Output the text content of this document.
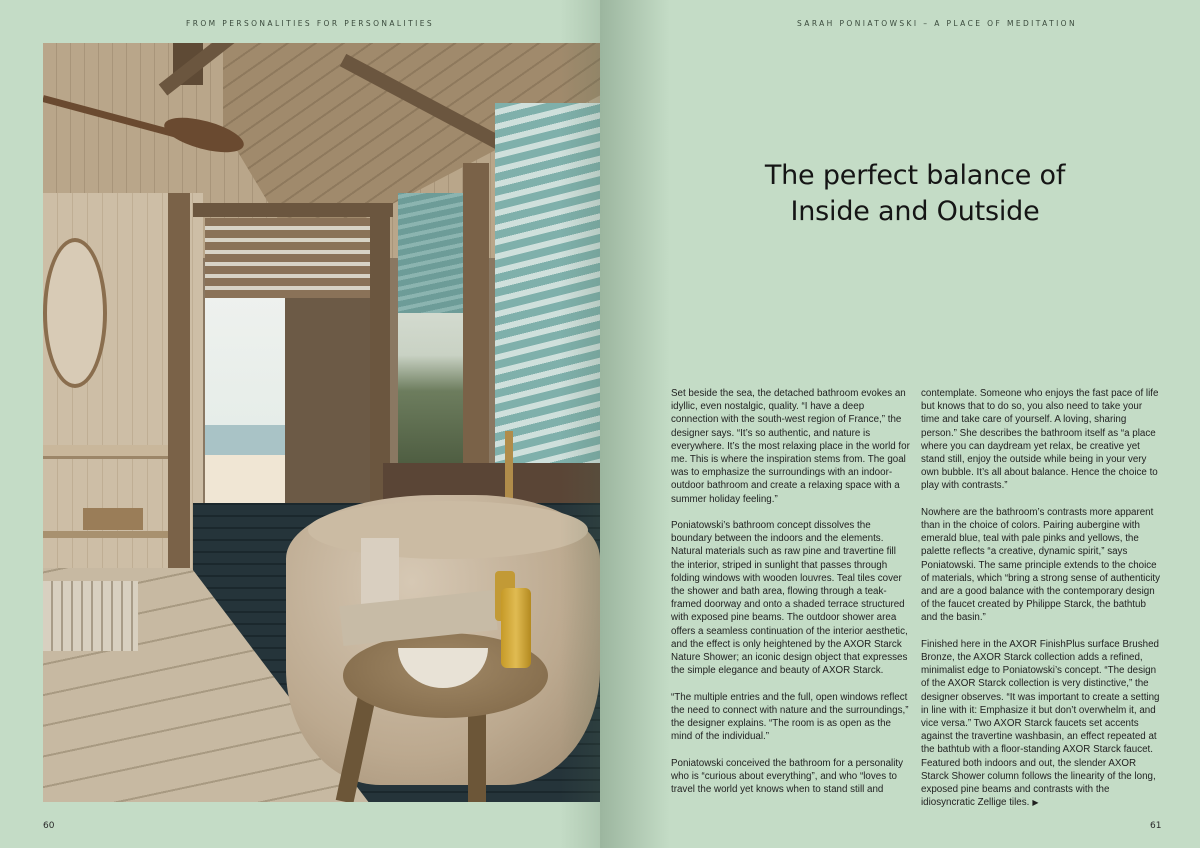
FROM PERSONALITIES FOR PERSONALITIES
60
SARAH PONIATOWSKI – A PLACE OF MEDITATION
The perfect balance of
Inside and Outside

Set beside the sea, the detached bathroom evokes an idyllic, even nostalgic, quality. “I have a deep connection with the south-west region of France,” the designer says. “It’s so authentic, and nature is everywhere. It’s the most relaxing place in the world for me. This is where the inspiration stems from. The goal was to emphasize the surroundings with an indoor-outdoor bathroom and create a relaxing space with a summer holiday feeling.”

Poniatowski’s bathroom concept dissolves the boundary between the indoors and the elements. Natural materials such as raw pine and travertine fill the interior, striped in sunlight that passes through folding windows with wooden louvres. Teal tiles cover the shower and bath area, flowing through a teak-framed doorway and onto a shaded terrace structured with exposed pine beams. The outdoor shower area offers a seamless continuation of the interior aesthetic, and the effect is only heightened by the AXOR Starck Nature Shower; an iconic design object that expresses the simple elegance and beauty of AXOR Starck.

“The multiple entries and the full, open windows reflect the need to connect with nature and the surroundings,” the designer explains. “The room is as open as the mind of the individual.”

Poniatowski conceived the bathroom for a personality who is “curious about everything”, and who “loves to travel the world yet knows when to stand still and

contemplate. Someone who enjoys the fast pace of life but knows that to do so, you also need to take your time and take care of yourself. A loving, sharing person.” She describes the bathroom itself as “a place where you can daydream yet relax, be creative yet stand still, enjoy the outside while being in your very own bubble. It’s all about balance. Hence the choice to play with contrasts.”

Nowhere are the bathroom’s contrasts more apparent than in the choice of colors. Pairing aubergine with emerald blue, teal with pale pinks and yellows, the palette reflects “a creative, dynamic spirit,” says Poniatowski. The same principle extends to the choice of materials, which “bring a strong sense of authenticity and are a good balance with the contemporary design of the faucet created by Philippe Starck, the bathtub and the basin.”

Finished here in the AXOR FinishPlus surface Brushed Bronze, the AXOR Starck collection adds a refined, minimalist edge to Poniatowski’s concept. “The design of the AXOR Starck collection is very distinctive,” the designer observes. “It was important to create a setting in line with it: Emphasize it but don’t overwhelm it, and vice versa.” Two AXOR Starck faucets set accents against the travertine washbasin, an effect repeated at the bathtub with a floor-standing AXOR Starck faucet. Featured both indoors and out, the slender AXOR Starck Shower column follows the linearity of the long, exposed pine beams and contrasts with the idiosyncratic Zellige tiles. ▶

61
